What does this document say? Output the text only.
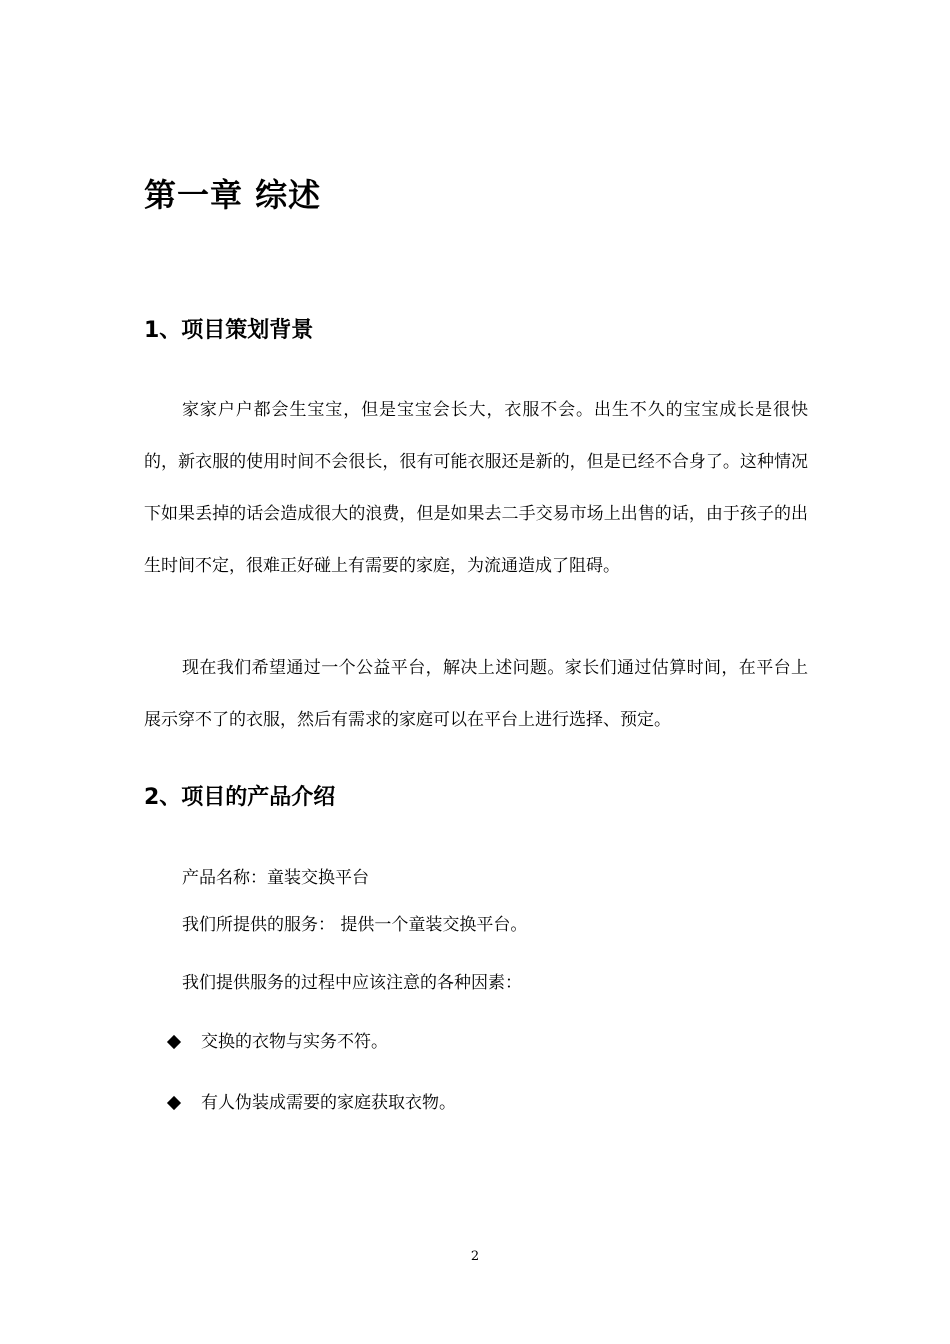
第一章 综述
1、项目策划背景

家家户户都会生宝宝，但是宝宝会长大，衣服不会。出生不久的宝宝成长是很快的，新衣服的使用时间不会很长，很有可能衣服还是新的，但是已经不合身了。这种情况下如果丢掉的话会造成很大的浪费，但是如果去二手交易市场上出售的话，由于孩子的出生时间不定，很难正好碰上有需要的家庭，为流通造成了阻碍。

现在我们希望通过一个公益平台，解决上述问题。家长们通过估算时间，在平台上展示穿不了的衣服，然后有需求的家庭可以在平台上进行选择、预定。

2、项目的产品介绍

产品名称：童装交换平台

我们所提供的服务： 提供一个童装交换平台。

我们提供服务的过程中应该注意的各种因素：

交换的衣物与实务不符。

有人伪装成需要的家庭获取衣物。

2
